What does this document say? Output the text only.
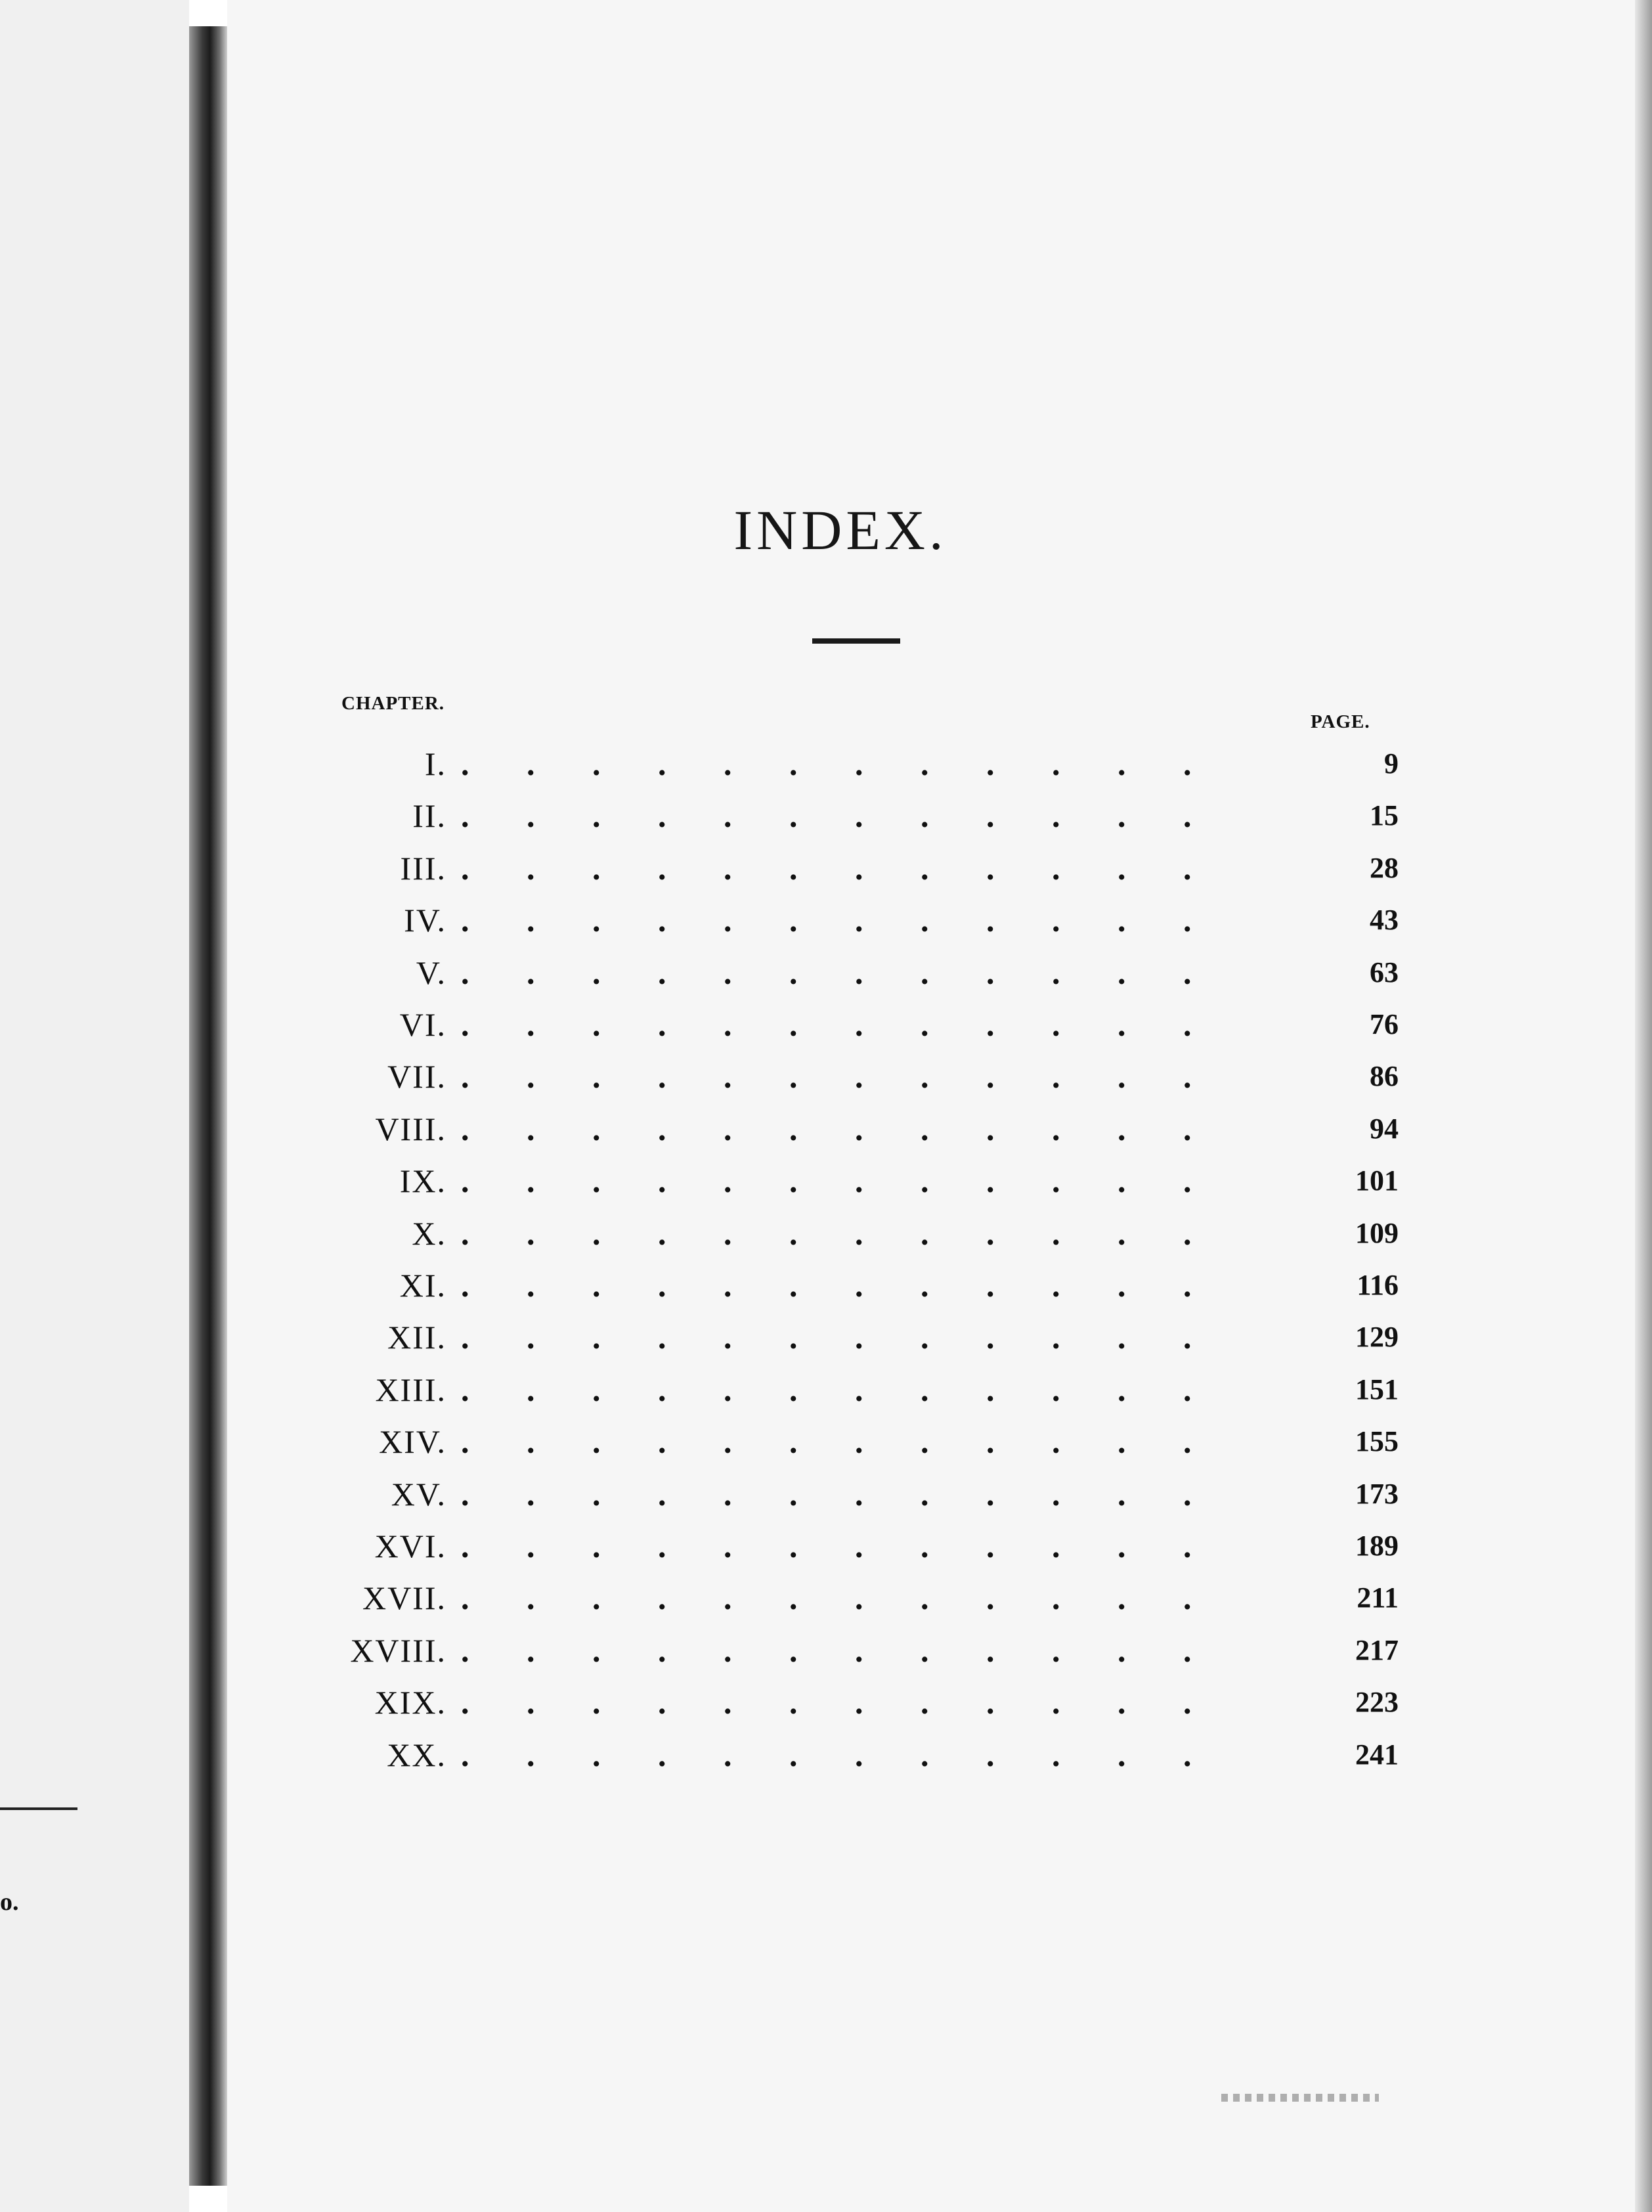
o.
INDEX.
CHAPTER.
PAGE.
I. .	9
II. .	15
III. .	28
IV. .	43
V. .	63
VI. .	76
VII. .	86
VIII. .	94
IX. .	101
X. .	109
XI. .	116
XII. .	129
XIII. .	151
XIV. .	155
XV. .	173
XVI. .	189
XVII. .	211
XVIII. .	217
XIX. .	223
XX. .	241
